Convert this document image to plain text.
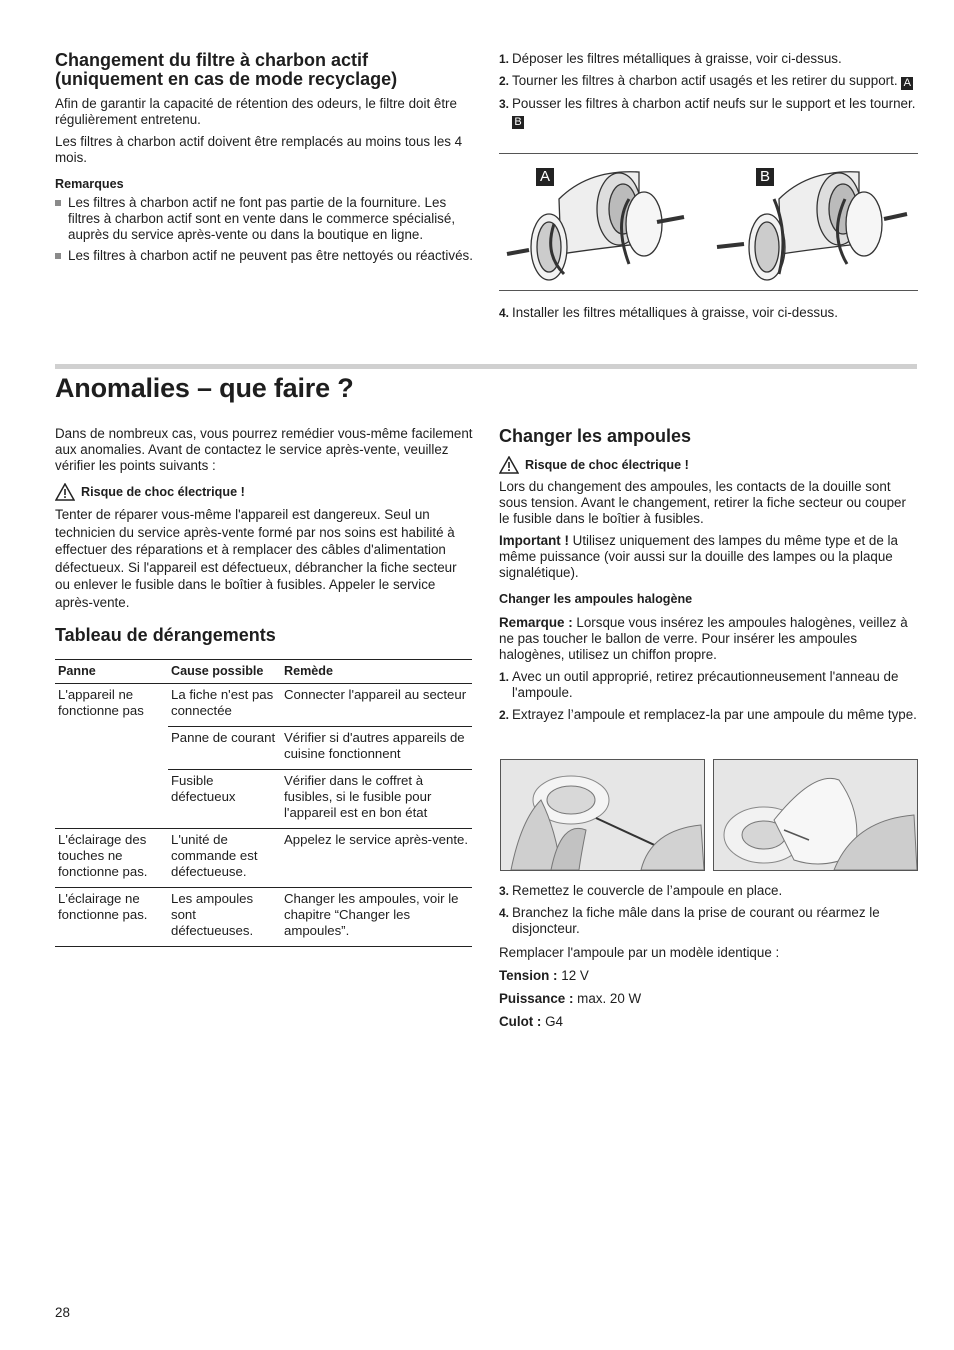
Changement du filtre à charbon actif (uniquement en cas de mode recyclage)

Afin de garantir la capacité de rétention des odeurs, le filtre doit être régulièrement entretenu.

Les filtres à charbon actif doivent être remplacés au moins tous les 4 mois.

Remarques
Les filtres à charbon actif ne font pas partie de la fourniture. Les filtres à charbon actif sont en vente dans le commerce spécialisé, auprès du service après-vente ou dans la boutique en ligne.
Les filtres à charbon actif ne peuvent pas être nettoyés ou réactivés.
1. Déposer les filtres métalliques à graisse, voir ci-dessus.
2. Tourner les filtres à charbon actif usagés et les retirer du support. A
3. Pousser les filtres à charbon actif neufs sur le support et les tourner. B
A	B
4. Installer les filtres métalliques à graisse, voir ci-dessus.
Anomalies – que faire ?

Dans de nombreux cas, vous pourrez remédier vous-même facilement aux anomalies. Avant de contactez le service après-vente, veuillez vérifier les points suivants :

Risque de choc électrique !

Tenter de réparer vous-même l'appareil est dangereux. Seul un technicien du service après-vente formé par nos soins est habilité à effectuer des réparations et à remplacer des câbles d'alimentation défectueux. Si l'appareil est défectueux, débrancher la fiche secteur ou enlever le fusible dans le boîtier à fusibles. Appeler le service après-vente.

Tableau de dérangements
Panne	Cause possible	Remède
L'appareil ne fonctionne pas	La fiche n'est pas connectée	Connecter l'appareil au secteur
	Panne de courant	Vérifier si d'autres appareils de cuisine fonctionnent
	Fusible défectueux	Vérifier dans le coffret à fusibles, si le fusible pour l'appareil est en bon état
L'éclairage des touches ne fonctionne pas.	L'unité de commande est défectueuse.	Appelez le service après-vente.
L'éclairage ne fonctionne pas.	Les ampoules sont défectueuses.	Changer les ampoules, voir le chapitre “Changer les ampoules”.
Changer les ampoules
Risque de choc électrique !

Lors du changement des ampoules, les contacts de la douille sont sous tension. Avant le changement, retirer la fiche secteur ou couper le fusible dans le boîtier à fusibles.

Important ! Utilisez uniquement des lampes du même type et de la même puissance (voir aussi sur la douille des lampes ou la plaque signalétique).

Changer les ampoules halogène

Remarque : Lorsque vous insérez les ampoules halogènes, veillez à ne pas toucher le ballon de verre. Pour insérer les ampoules halogènes, utilisez un chiffon propre.

1. Avec un outil approprié, retirez précautionneusement l'anneau de l'ampoule.
2. Extrayez l’ampoule et remplacez-la par une ampoule du même type.
3. Remettez le couvercle de l’ampoule en place.
4. Branchez la fiche mâle dans la prise de courant ou réarmez le disjoncteur.

Remplacer l'ampoule par un modèle identique :

Tension : 12 V

Puissance : max. 20 W

Culot : G4

28
